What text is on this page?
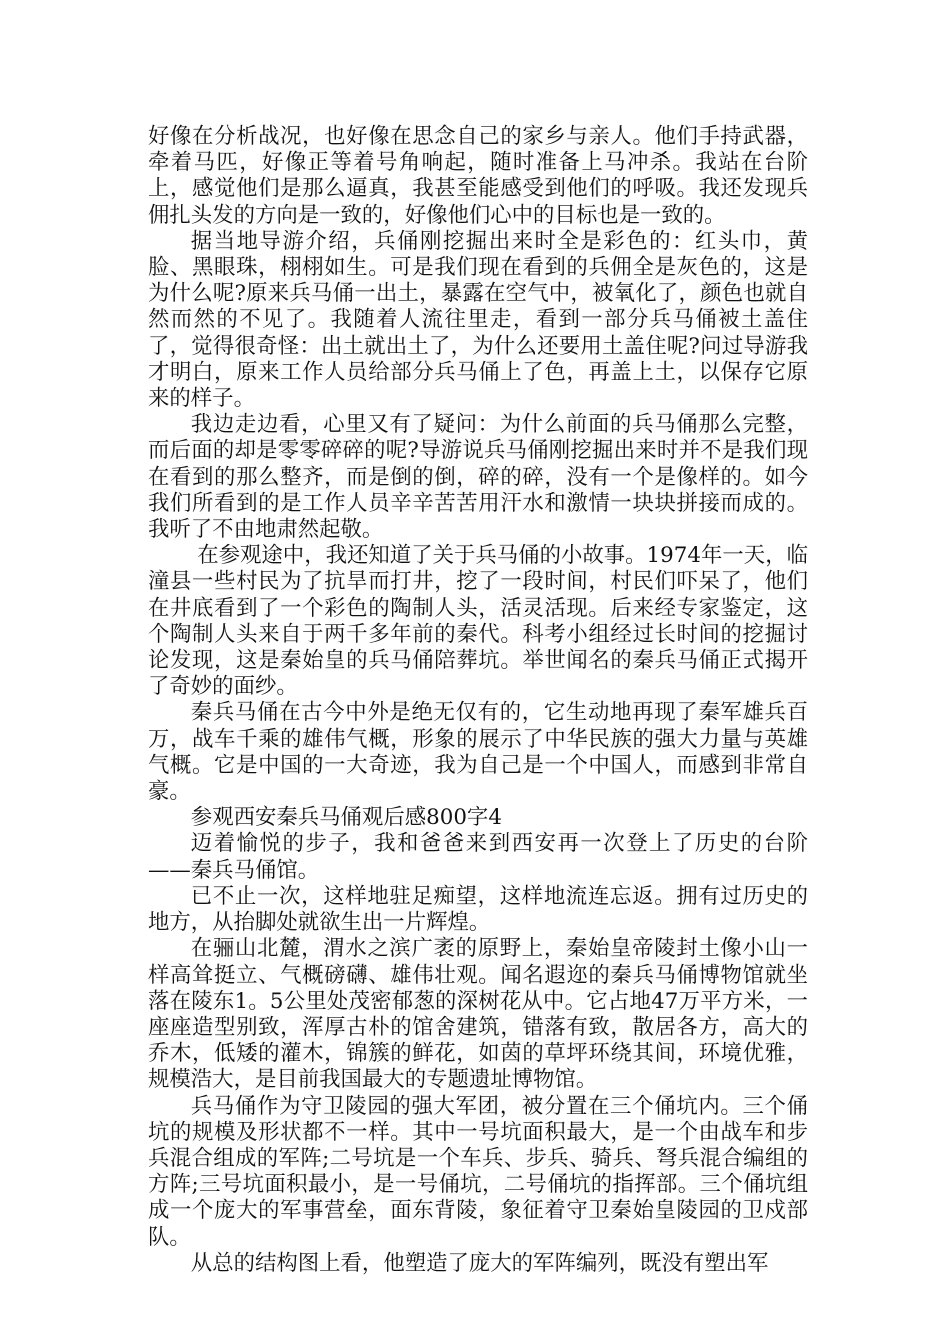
好像在分析战况，也好像在思念自己的家乡与亲人。他们手持武器，牵着马匹，好像正等着号角响起，随时准备上马冲杀。我站在台阶上，感觉他们是那么逼真，我甚至能感受到他们的呼吸。我还发现兵佣扎头发的方向是一致的，好像他们心中的目标也是一致的。

据当地导游介绍，兵俑刚挖掘出来时全是彩色的：红头巾，黄脸、黑眼珠，栩栩如生。可是我们现在看到的兵佣全是灰色的，这是为什么呢?原来兵马俑一出土，暴露在空气中，被氧化了，颜色也就自然而然的不见了。我随着人流往里走，看到一部分兵马俑被土盖住了，觉得很奇怪：出土就出土了，为什么还要用土盖住呢?问过导游我才明白，原来工作人员给部分兵马俑上了色，再盖上土，以保存它原来的样子。

我边走边看，心里又有了疑问：为什么前面的兵马俑那么完整，而后面的却是零零碎碎的呢?导游说兵马俑刚挖掘出来时并不是我们现在看到的那么整齐，而是倒的倒，碎的碎，没有一个是像样的。如今我们所看到的是工作人员辛辛苦苦用汗水和激情一块块拼接而成的。我听了不由地肃然起敬。

在参观途中，我还知道了关于兵马俑的小故事。1974年一天，临潼县一些村民为了抗旱而打井，挖了一段时间，村民们吓呆了，他们在井底看到了一个彩色的陶制人头，活灵活现。后来经专家鉴定，这个陶制人头来自于两千多年前的秦代。科考小组经过长时间的挖掘讨论发现，这是秦始皇的兵马俑陪葬坑。举世闻名的秦兵马俑正式揭开了奇妙的面纱。

秦兵马俑在古今中外是绝无仅有的，它生动地再现了秦军雄兵百万，战车千乘的雄伟气概，形象的展示了中华民族的强大力量与英雄气概。它是中国的一大奇迹，我为自己是一个中国人，而感到非常自豪。

参观西安秦兵马俑观后感800字4

迈着愉悦的步子，我和爸爸来到西安再一次登上了历史的台阶——秦兵马俑馆。

已不止一次，这样地驻足痴望，这样地流连忘返。拥有过历史的地方，从抬脚处就欲生出一片辉煌。

在骊山北麓，渭水之滨广袤的原野上，秦始皇帝陵封土像小山一样高耸挺立、气概磅礴、雄伟壮观。闻名遐迩的秦兵马俑博物馆就坐落在陵东1。5公里处茂密郁葱的深树花从中。它占地47万平方米，一座座造型别致，浑厚古朴的馆舍建筑，错落有致，散居各方，高大的乔木，低矮的灌木，锦簇的鲜花，如茵的草坪环绕其间，环境优雅，规模浩大，是目前我国最大的专题遗址博物馆。

兵马俑作为守卫陵园的强大军团，被分置在三个俑坑内。三个俑坑的规模及形状都不一样。其中一号坑面积最大，是一个由战车和步兵混合组成的军阵;二号坑是一个车兵、步兵、骑兵、弩兵混合编组的方阵;三号坑面积最小，是一号俑坑，二号俑坑的指挥部。三个俑坑组成一个庞大的军事营垒，面东背陵，象征着守卫秦始皇陵园的卫戍部队。

从总的结构图上看，他塑造了庞大的军阵编列，既没有塑出军
